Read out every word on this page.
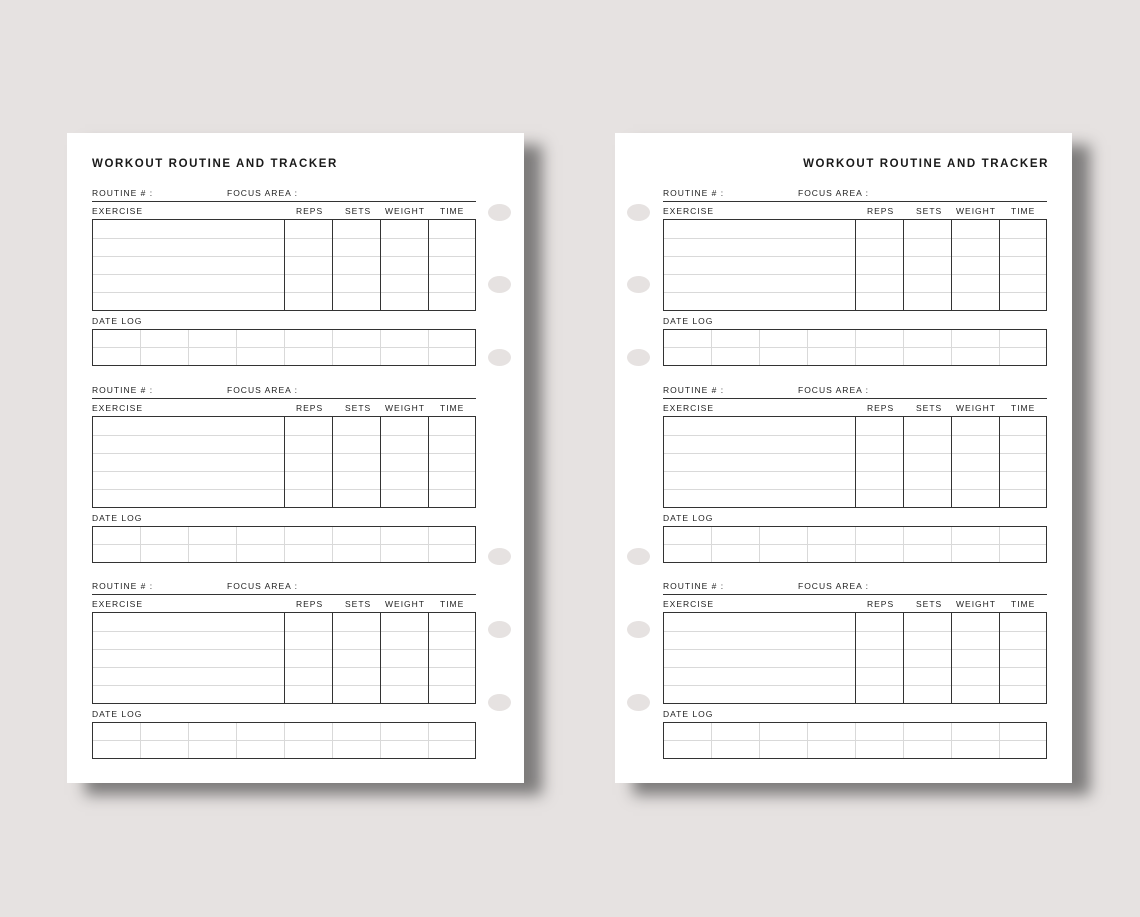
WORKOUT ROUTINE AND TRACKER
ROUTINE # :	FOCUS AREA :
EXERCISE	REPS	SETS WEIGHT TIME
DATE LOG
ROUTINE # :	FOCUS AREA :
EXERCISE	REPS	SETS WEIGHT TIME
DATE LOG
ROUTINE # :	FOCUS AREA :
EXERCISE	REPS	SETS WEIGHT TIME
DATE LOG
WORKOUT ROUTINE AND TRACKER
ROUTINE # :	FOCUS AREA :
EXERCISE	REPS	SETS WEIGHT TIME
DATE LOG
ROUTINE # :	FOCUS AREA :
EXERCISE	REPS	SETS WEIGHT TIME
DATE LOG
ROUTINE # :	FOCUS AREA :
EXERCISE	REPS	SETS WEIGHT TIME
DATE LOG
